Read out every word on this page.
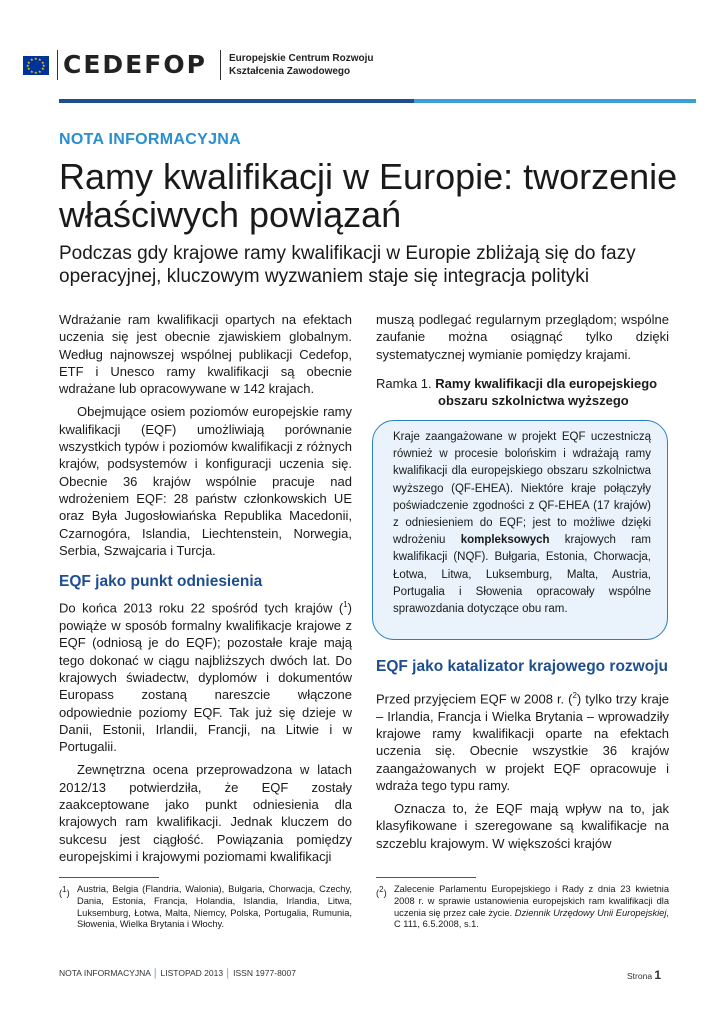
★ ★
★
★
★
★
★
★
★
★
★
★ CEDEFOP Europejskie Centrum Rozwoju
Kształcenia Zawodowego
NOTA INFORMACYJNA
Ramy kwalifikacji w Europie: tworzenie właściwych powiązań
Podczas gdy krajowe ramy kwalifikacji w Europie zbliżają się do fazy operacyjnej, kluczowym wyzwaniem staje się integracja polityki

Wdrażanie ram kwalifikacji opartych na efektach uczenia się jest obecnie zjawiskiem globalnym. Według najnowszej wspólnej publikacji Cedefop, ETF i Unesco ramy kwalifikacji są obecnie wdrażane lub opracowywane w 142 krajach.

Obejmujące osiem poziomów europejskie ramy kwalifikacji (EQF) umożliwiają porównanie wszystkich typów i poziomów kwalifikacji z różnych krajów, podsystemów i konfiguracji uczenia się. Obecnie 36 krajów wspólnie pracuje nad wdrożeniem EQF: 28 państw członkowskich UE oraz Była Jugosłowiańska Republika Macedonii, Czarnogóra, Islandia, Liechtenstein, Norwegia, Serbia, Szwajcaria i Turcja.

EQF jako punkt odniesienia

Do końca 2013 roku 22 spośród tych krajów ($^1$) powiąże w sposób formalny kwalifikacje krajowe z EQF (odniosą je do EQF); pozostałe kraje mają tego dokonać w ciągu najbliższych dwóch lat. Do krajowych świadectw, dyplomów i dokumentów Europass zostaną nareszcie włączone odpowiednie poziomy EQF. Tak już się dzieje w Danii, Estonii, Irlandii, Francji, na Litwie i w Portugalii.

Zewnętrzna ocena przeprowadzona w latach 2012/13 potwierdziła, że EQF zostały zaakceptowane jako punkt odniesienia dla krajowych ram kwalifikacji. Jednak kluczem do sukcesu jest ciągłość. Powiązania pomiędzy europejskimi i krajowymi poziomami kwalifikacji

muszą podlegać regularnym przeglądom; wspólne zaufanie można osiągnąć tylko dzięki systematycznej wymianie pomiędzy krajami.

Ramka 1. Ramy kwalifikacji dla europejskiego
obszaru szkolnictwa wyższego
Kraje zaangażowane w projekt EQF uczestniczą również w procesie bolońskim i wdrażają ramy kwalifikacji dla europejskiego obszaru szkolnictwa wyższego (QF-EHEA). Niektóre kraje połączyły poświadczenie zgodności z QF-EHEA (17 krajów) z odniesieniem do EQF; jest to możliwe dzięki wdrożeniu kompleksowych krajowych ram kwalifikacji (NQF). Bułgaria, Estonia, Chorwacja, Łotwa, Litwa, Luksemburg, Malta, Austria, Portugalia i Słowenia opracowały wspólne sprawozdania dotyczące obu ram.
EQF jako katalizator krajowego rozwoju

Przed przyjęciem EQF w 2008 r. ($^2$) tylko trzy kraje – Irlandia, Francja i Wielka Brytania – wprowadziły krajowe ramy kwalifikacji oparte na efektach uczenia się. Obecnie wszystkie 36 krajów zaangażowanych w projekt EQF opracowuje i wdraża tego typu ramy.

Oznacza to, że EQF mają wpływ na to, jak klasyfikowane i szeregowane są kwalifikacje na szczeblu krajowym. W większości krajów

($^1$) Austria, Belgia (Flandria, Walonia), Bułgaria, Chorwacja, Czechy, Dania, Estonia, Francja, Holandia, Islandia, Irlandia, Litwa, Luksemburg, Łotwa, Malta, Niemcy, Polska, Portugalia, Rumunia, Słowenia, Wielka Brytania i Włochy.
($^2$) Zalecenie Parlamentu Europejskiego i Rady z dnia 23 kwietnia 2008 r. w sprawie ustanowienia europejskich ram kwalifikacji dla uczenia się przez całe życie. Dziennik Urzędowy Unii Europejskiej, C 111, 6.5.2008, s.1.
NOTA INFORMACYJNA │ LISTOPAD 2013 │ ISSN 1977-8007	Strona 1
